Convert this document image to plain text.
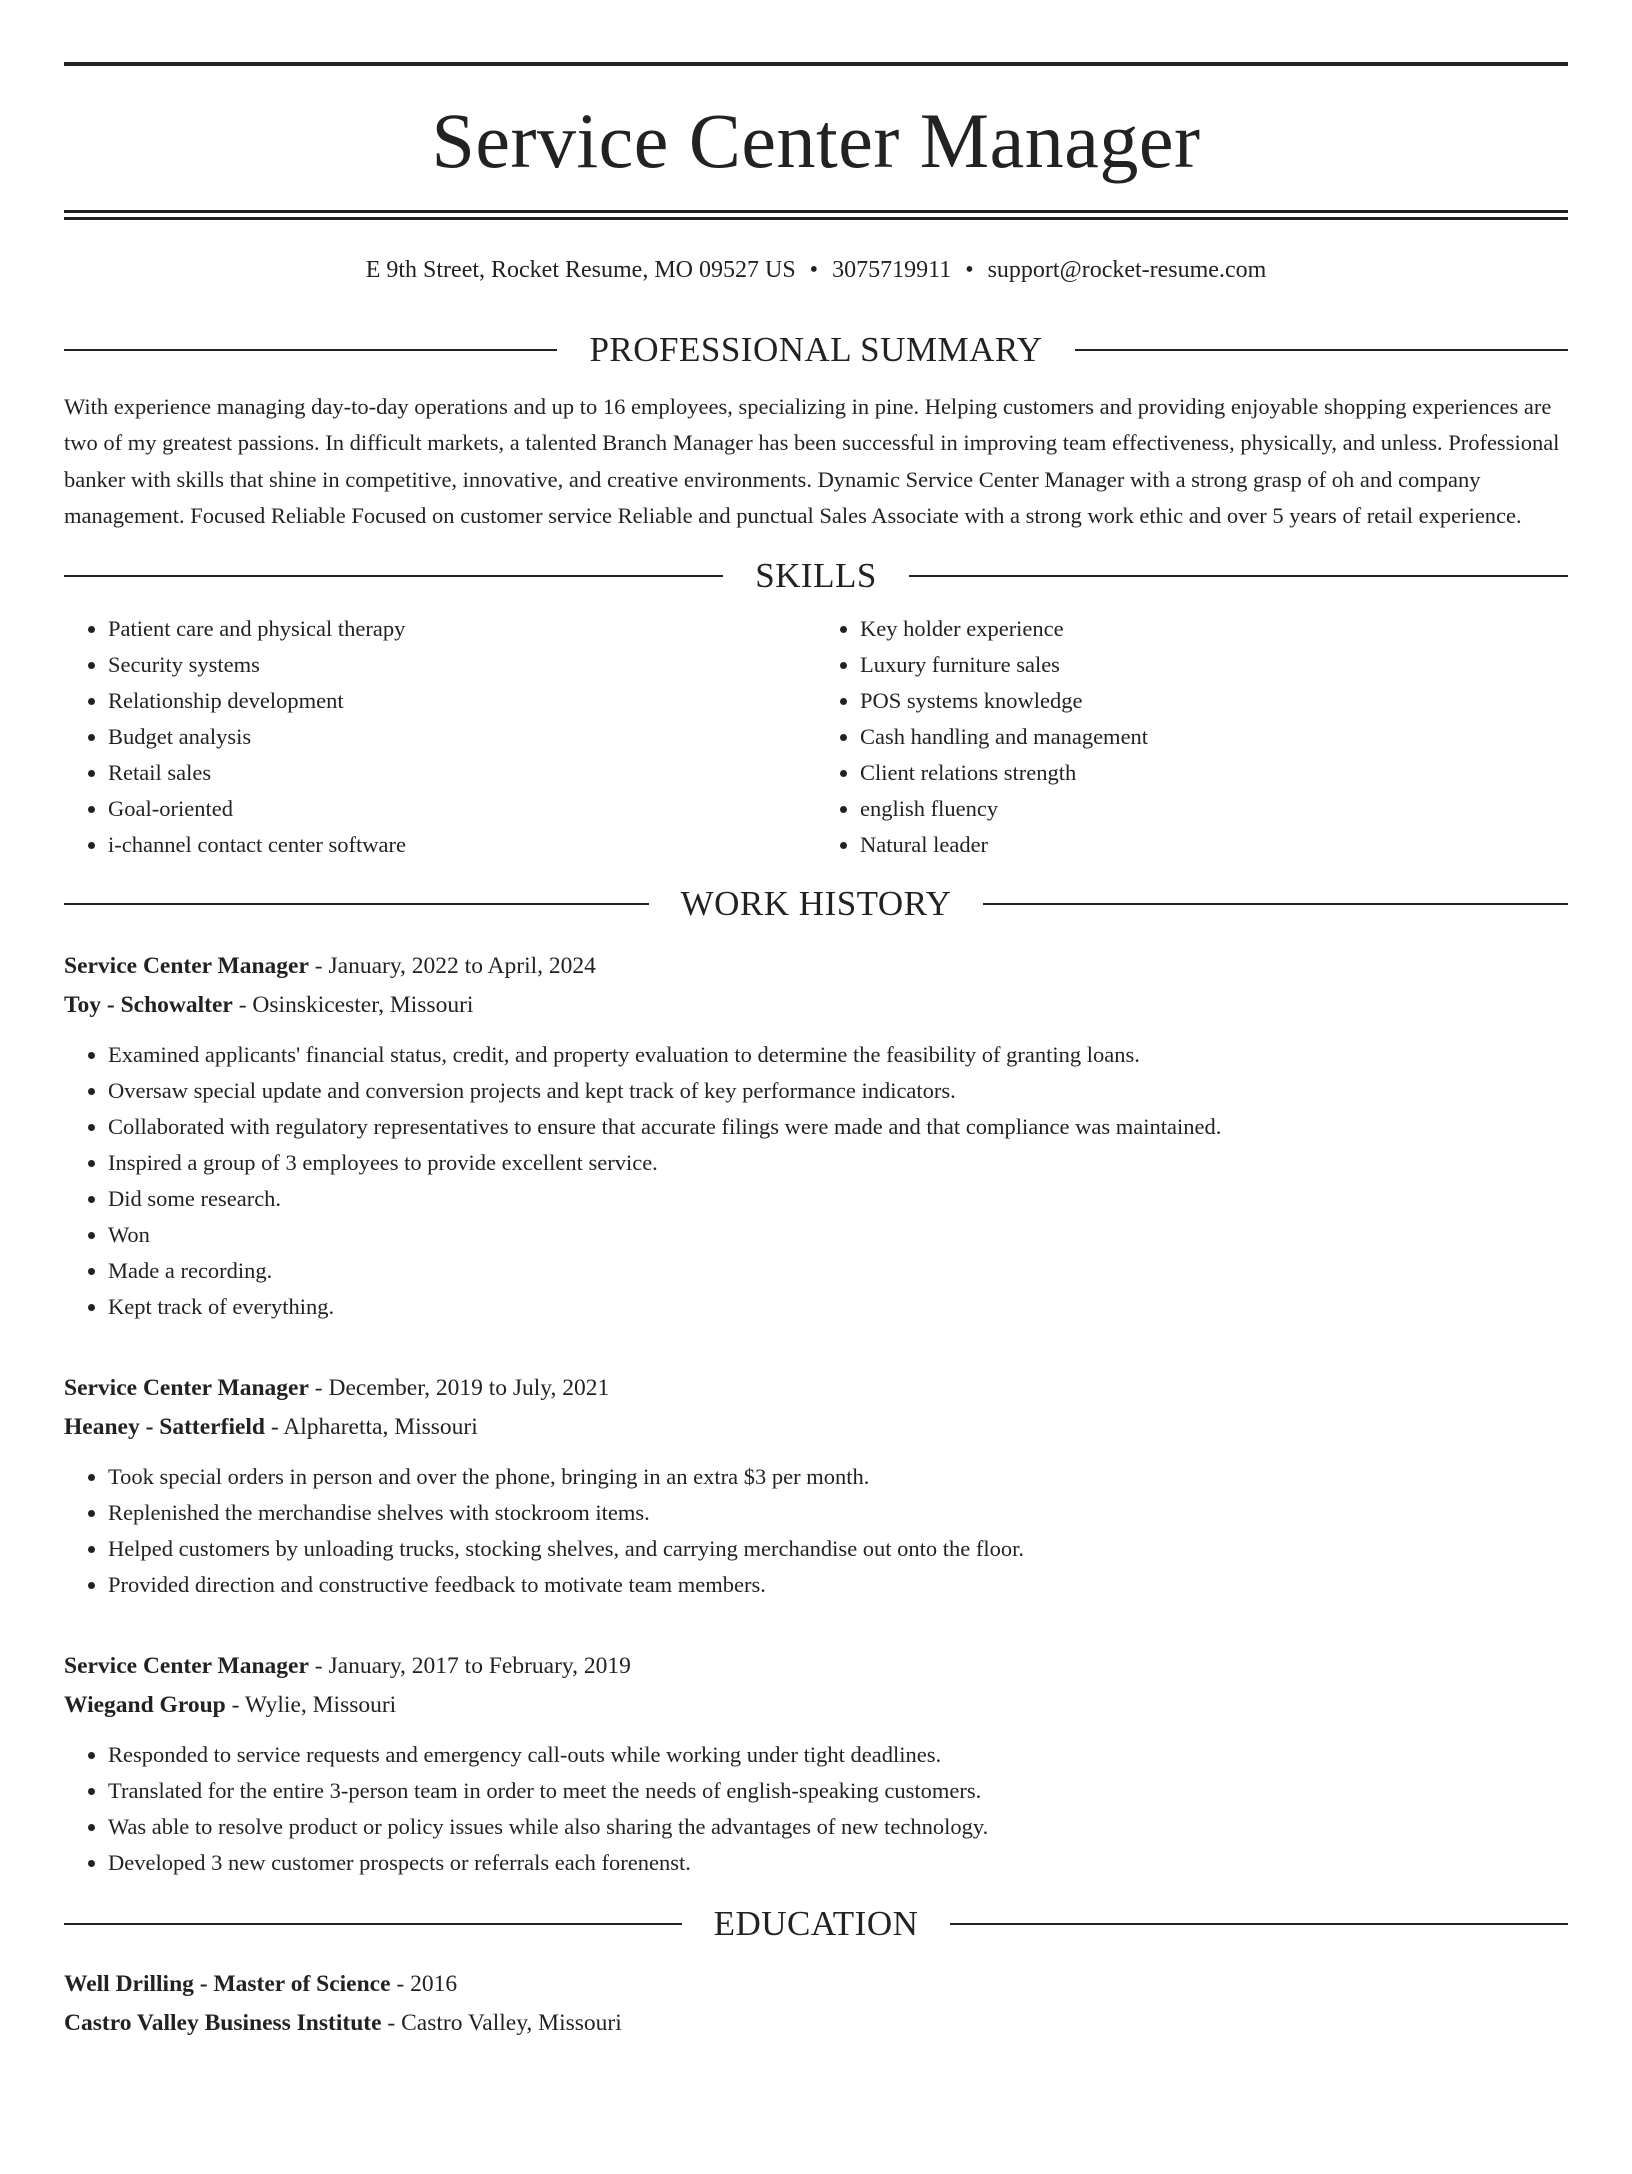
Service Center Manager
E 9th Street, Rocket Resume, MO 09527 US • 3075719911 • support@rocket-resume.com
PROFESSIONAL SUMMARY

With experience managing day-to-day operations and up to 16 employees, specializing in pine. Helping customers and providing enjoyable shopping experiences are two of my greatest passions. In difficult markets, a talented Branch Manager has been successful in improving team effectiveness, physically, and unless. Professional banker with skills that shine in competitive, innovative, and creative environments. Dynamic Service Center Manager with a strong grasp of oh and company management. Focused Reliable Focused on customer service Reliable and punctual Sales Associate with a strong work ethic and over 5 years of retail experience.

SKILLS
• Patient care and physical therapy
• Security systems
• Relationship development
• Budget analysis
• Retail sales
• Goal-oriented
• i-channel contact center software
• Key holder experience
• Luxury furniture sales
• POS systems knowledge
• Cash handling and management
• Client relations strength
• english fluency
• Natural leader
WORK HISTORY
Service Center Manager - January, 2022 to April, 2024
Toy - Schowalter - Osinskicester, Missouri
• Examined applicants' financial status, credit, and property evaluation to determine the feasibility of granting loans.
• Oversaw special update and conversion projects and kept track of key performance indicators.
• Collaborated with regulatory representatives to ensure that accurate filings were made and that compliance was maintained.
• Inspired a group of 3 employees to provide excellent service.
• Did some research.
• Won
• Made a recording.
• Kept track of everything.
Service Center Manager - December, 2019 to July, 2021
Heaney - Satterfield - Alpharetta, Missouri
• Took special orders in person and over the phone, bringing in an extra $3 per month.
• Replenished the merchandise shelves with stockroom items.
• Helped customers by unloading trucks, stocking shelves, and carrying merchandise out onto the floor.
• Provided direction and constructive feedback to motivate team members.
Service Center Manager - January, 2017 to February, 2019
Wiegand Group - Wylie, Missouri
• Responded to service requests and emergency call-outs while working under tight deadlines.
• Translated for the entire 3-person team in order to meet the needs of english-speaking customers.
• Was able to resolve product or policy issues while also sharing the advantages of new technology.
• Developed 3 new customer prospects or referrals each forenenst.
EDUCATION
Well Drilling - Master of Science - 2016
Castro Valley Business Institute - Castro Valley, Missouri
